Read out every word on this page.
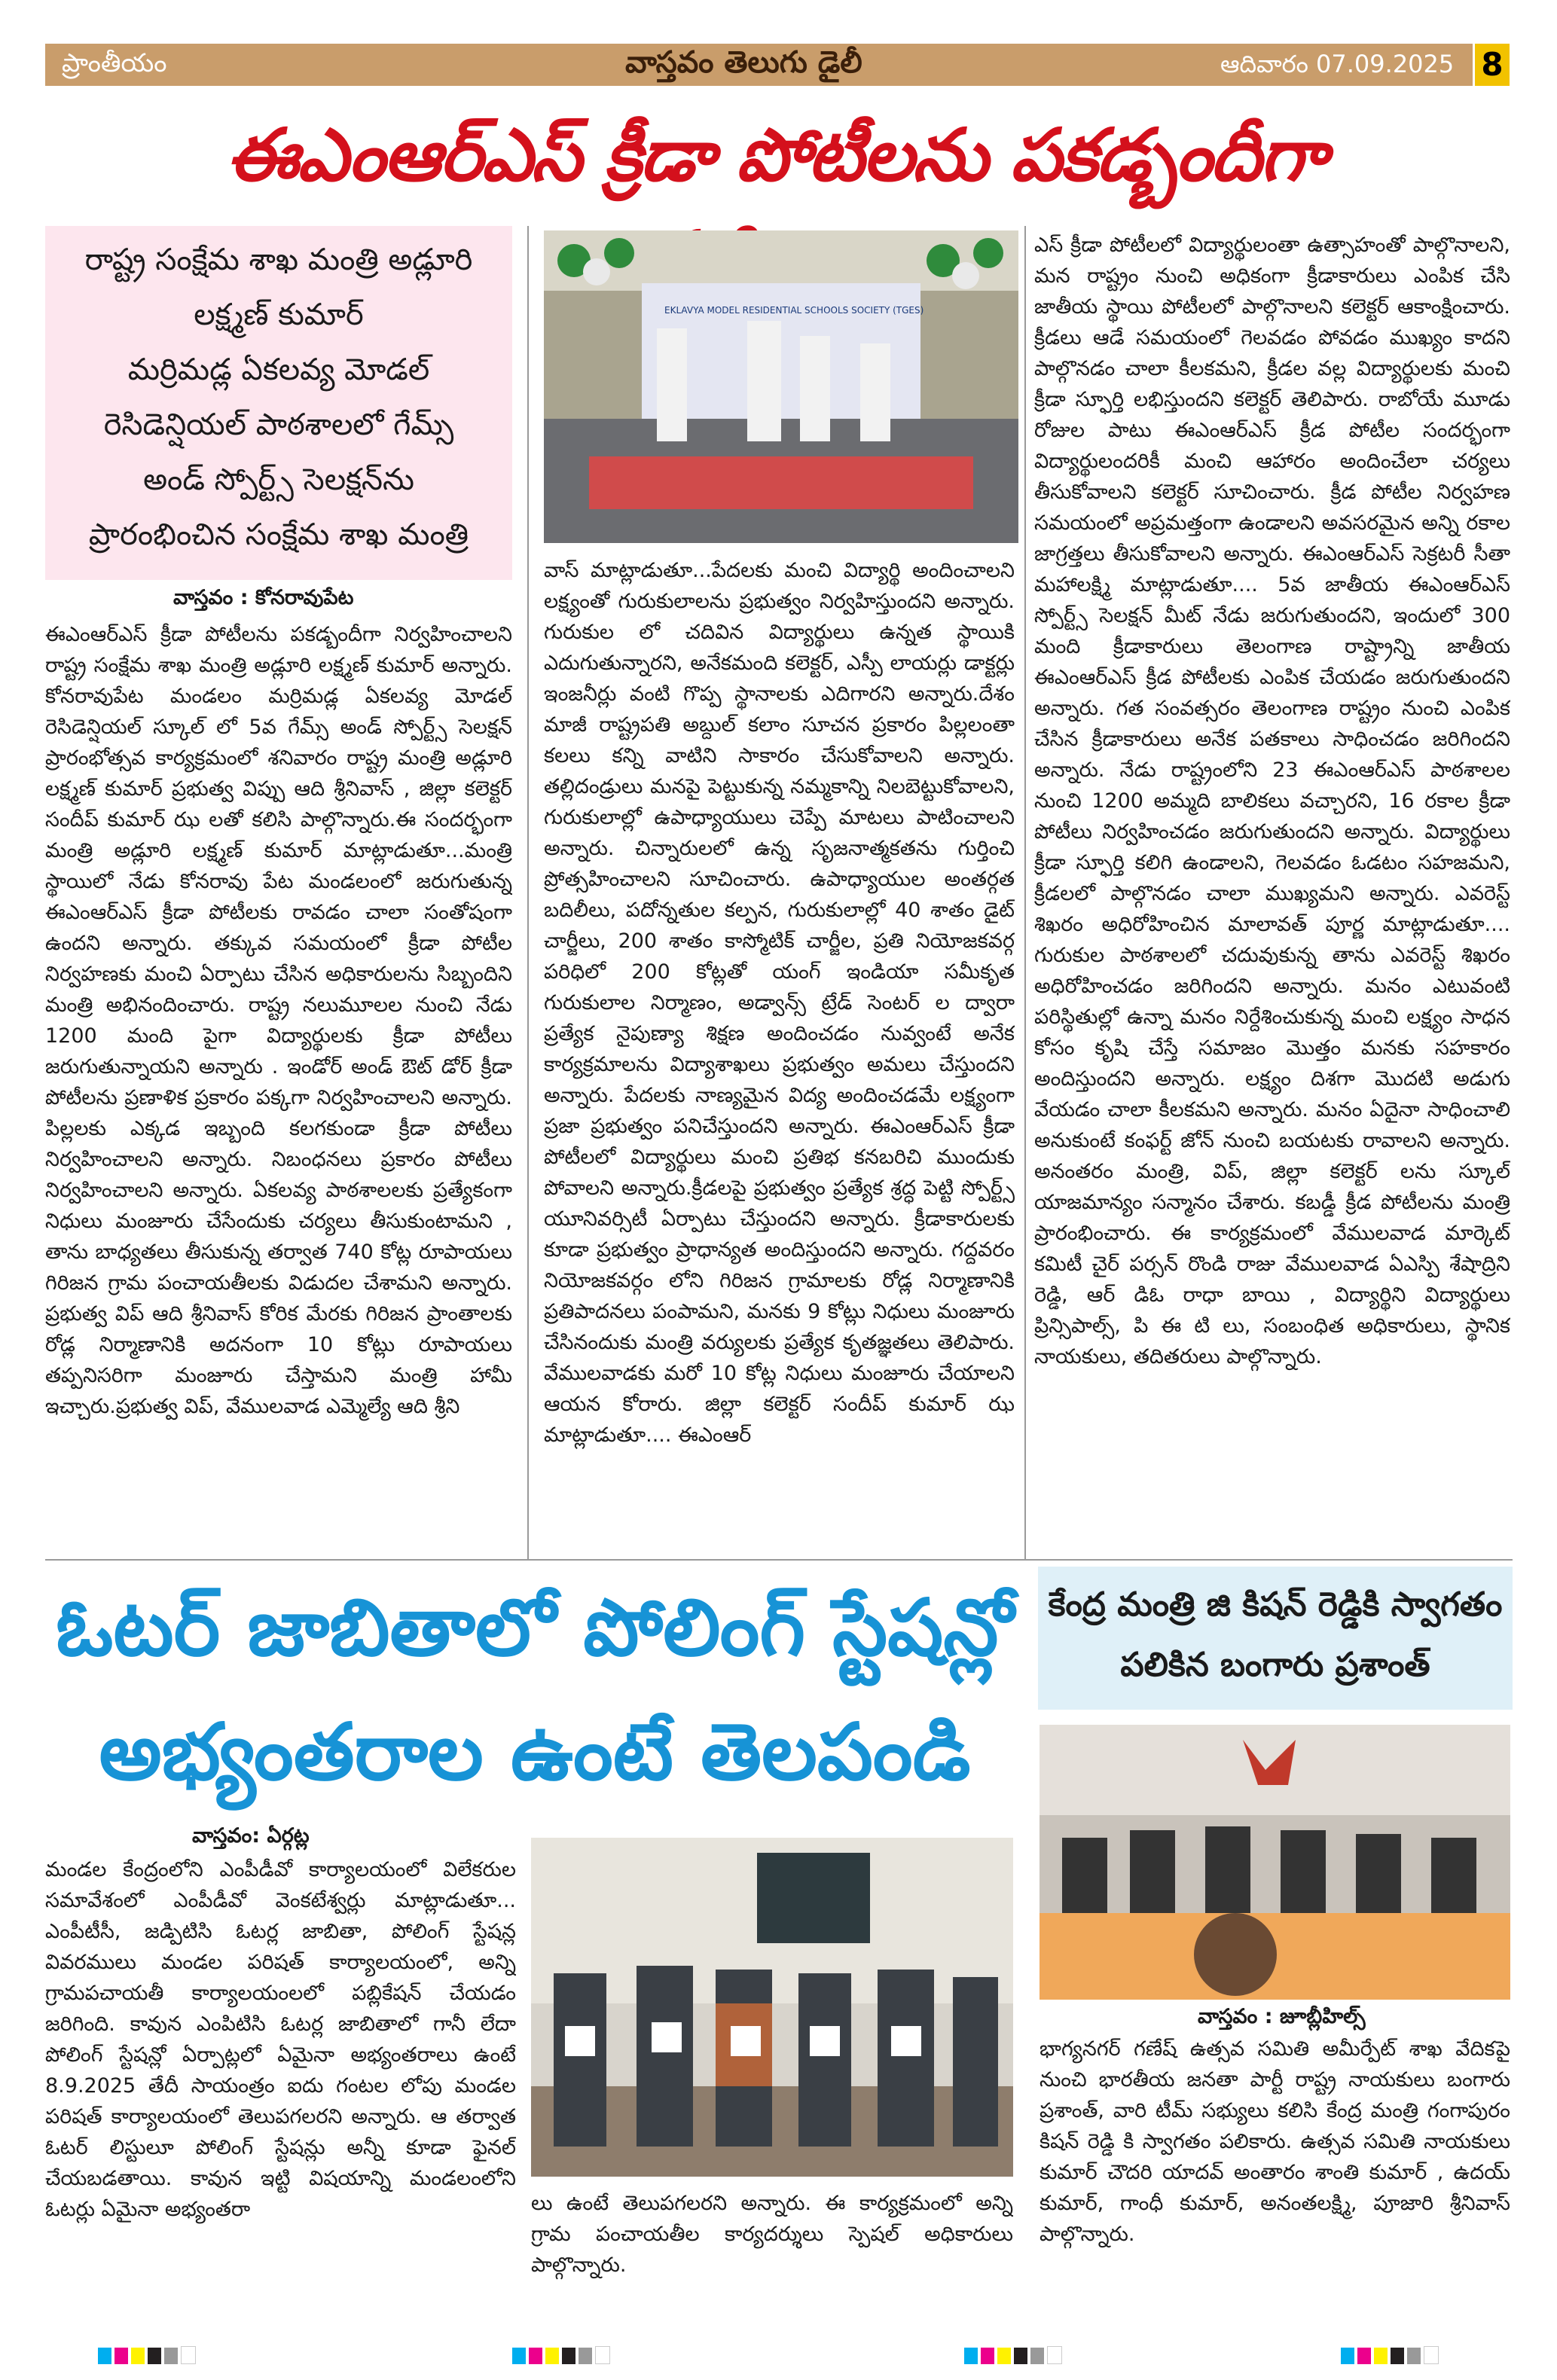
ప్రాంతీయం	వాస్తవం తెలుగు డైలీ	ఆదివారం 07.09.2025 8
ఈఎంఆర్ఎస్ క్రీడా పోటీలను పకడ్బందీగా
రాష్ట్ర సంక్షేమ శాఖ మంత్రి అడ్లూరి
లక్ష్మణ్ కుమార్
మర్రిమడ్ల ఏకలవ్య మోడల్
రెసిడెన్షియల్ పాఠశాలలో గేమ్స్
అండ్ స్పోర్ట్స్ సెలక్షన్‌ను
ప్రారంభించిన సంక్షేమ శాఖ మంత్రి
EKLAVYA MODEL RESIDENTIAL SCHOOLS SOCIETY (TGES)
వాస్తవం : కోనరావుపేట
ఈఎంఆర్ఎస్ క్రీడా పోటీలను పకడ్బందీగా నిర్వహించాలని రాష్ట్ర సంక్షేమ శాఖ మంత్రి అడ్లూరి లక్ష్మణ్ కుమార్ అన్నారు. కోనరావుపేట మండలం మర్రిమడ్ల ఏకలవ్య మోడల్ రెసిడెన్షియల్ స్కూల్ లో 5వ గేమ్స్ అండ్ స్పోర్ట్స్ సెలక్షన్ ప్రారంభోత్సవ కార్యక్రమంలో శనివారం రాష్ట్ర మంత్రి అడ్లూరి లక్ష్మణ్ కుమార్ ప్రభుత్వ విప్పు ఆది శ్రీనివాస్ , జిల్లా కలెక్టర్ సందీప్ కుమార్ ఝ లతో కలిసి పాల్గొన్నారు.ఈ సందర్భంగా మంత్రి అడ్లూరి లక్ష్మణ్ కుమార్ మాట్లాడుతూ...మంత్రి స్థాయిలో నేడు కోనరావు పేట మండలంలో జరుగుతున్న ఈఎంఆర్ఎస్ క్రీడా పోటీలకు రావడం చాలా సంతోషంగా ఉందని అన్నారు. తక్కువ సమయంలో క్రీడా పోటీల నిర్వహణకు మంచి ఏర్పాటు చేసిన అధికారులను సిబ్బందిని మంత్రి అభినందించారు. రాష్ట్ర నలుమూలల నుంచి నేడు 1200 మంది పైగా విద్యార్థులకు క్రీడా పోటీలు జరుగుతున్నాయని అన్నారు . ఇండోర్ అండ్ ఔట్ డోర్ క్రీడా పోటీలను ప్రణాళిక ప్రకారం పక్కగా నిర్వహించాలని అన్నారు. పిల్లలకు ఎక్కడ ఇబ్బంది కలగకుండా క్రీడా పోటీలు నిర్వహించాలని అన్నారు. నిబంధనలు ప్రకారం పోటీలు నిర్వహించాలని అన్నారు. ఏకలవ్య పాఠశాలలకు ప్రత్యేకంగా నిధులు మంజూరు చేసేందుకు చర్యలు తీసుకుంటామని , తాను బాధ్యతలు తీసుకున్న తర్వాత 740 కోట్ల రూపాయలు గిరిజన గ్రామ పంచాయతీలకు విడుదల చేశామని అన్నారు. ప్రభుత్వ విప్ ఆది శ్రీనివాస్ కోరిక మేరకు గిరిజన ప్రాంతాలకు రోడ్ల నిర్మాణానికి అదనంగా 10 కోట్లు రూపాయలు తప్పనిసరిగా మంజూరు చేస్తామని మంత్రి హామీ ఇచ్చారు.ప్రభుత్వ విప్, వేములవాడ ఎమ్మెల్యే ఆది శ్రీని
వాస్ మాట్లాడుతూ...పేదలకు మంచి విద్యార్థి అందించాలని లక్ష్యంతో గురుకులాలను ప్రభుత్వం నిర్వహిస్తుందని అన్నారు. గురుకుల లో చదివిన విద్యార్థులు ఉన్నత స్థాయికి ఎదుగుతున్నారని, అనేకమంది కలెక్టర్, ఎస్పీ లాయర్లు డాక్టర్లు ఇంజనీర్లు వంటి గొప్ప స్థానాలకు ఎదిగారని అన్నారు.దేశం మాజీ రాష్ట్రపతి అబ్దుల్ కలాం సూచన ప్రకారం పిల్లలంతా కలలు కన్ని వాటిని సాకారం చేసుకోవాలని అన్నారు. తల్లిదండ్రులు మనపై పెట్టుకున్న నమ్మకాన్ని నిలబెట్టుకోవాలని, గురుకులాల్లో ఉపాధ్యాయులు చెప్పే మాటలు పాటించాలని అన్నారు. చిన్నారులలో ఉన్న సృజనాత్మకతను గుర్తించి ప్రోత్సహించాలని సూచించారు. ఉపాధ్యాయుల అంతర్గత బదిలీలు, పదోన్నతుల కల్పన, గురుకులాల్లో 40 శాతం డైట్ చార్జీలు, 200 శాతం కాస్మోటిక్ చార్జీల, ప్రతి నియోజకవర్గ పరిధిలో 200 కోట్లతో యంగ్ ఇండియా సమీకృత గురుకులాల నిర్మాణం, అడ్వాన్స్ ట్రేడ్ సెంటర్ ల ద్వారా ప్రత్యేక నైపుణ్యా శిక్షణ అందించడం నువ్వంటే అనేక కార్యక్రమాలను విద్యాశాఖలు ప్రభుత్వం అమలు చేస్తుందని అన్నారు. పేదలకు నాణ్యమైన విద్య అందించడమే లక్ష్యంగా ప్రజా ప్రభుత్వం పనిచేస్తుందని అన్నారు. ఈఎంఆర్ఎస్ క్రీడా పోటీలలో విద్యార్థులు మంచి ప్రతిభ కనబరిచి ముందుకు పోవాలని అన్నారు.క్రీడలపై ప్రభుత్వం ప్రత్యేక శ్రద్ధ పెట్టి స్పోర్ట్స్ యూనివర్సిటీ ఏర్పాటు చేస్తుందని అన్నారు. క్రీడాకారులకు కూడా ప్రభుత్వం ప్రాధాన్యత అందిస్తుందని అన్నారు. గద్దవరం నియోజకవర్గం లోని గిరిజన గ్రామాలకు రోడ్ల నిర్మాణానికి ప్రతిపాదనలు పంపామని, మనకు 9 కోట్లు నిధులు మంజూరు చేసినందుకు మంత్రి వర్యులకు ప్రత్యేక కృతజ్ఞతలు తెలిపారు. వేములవాడకు మరో 10 కోట్ల నిధులు మంజూరు చేయాలని ఆయన కోరారు. జిల్లా కలెక్టర్ సందీప్ కుమార్ ఝ మాట్లాడుతూ.... ఈఎంఆర్
ఎస్ క్రీడా పోటీలలో విద్యార్థులంతా ఉత్సాహంతో పాల్గొనాలని, మన రాష్ట్రం నుంచి అధికంగా క్రీడాకారులు ఎంపిక చేసి జాతీయ స్థాయి పోటీలలో పాల్గొనాలని కలెక్టర్ ఆకాంక్షించారు. క్రీడలు ఆడే సమయంలో గెలవడం పోవడం ముఖ్యం కాదని పాల్గొనడం చాలా కీలకమని, క్రీడల వల్ల విద్యార్థులకు మంచి క్రీడా స్ఫూర్తి లభిస్తుందని కలెక్టర్ తెలిపారు. రాబోయే మూడు రోజుల పాటు ఈఎంఆర్ఎస్ క్రీడ పోటీల సందర్భంగా విద్యార్థులందరికీ మంచి ఆహారం అందించేలా చర్యలు తీసుకోవాలని కలెక్టర్ సూచించారు. క్రీడ పోటీల నిర్వహణ సమయంలో అప్రమత్తంగా ఉండాలని అవసరమైన అన్ని రకాల జాగ్రత్తలు తీసుకోవాలని అన్నారు. ఈఎంఆర్ఎస్ సెక్రటరీ సీతా మహాలక్ష్మి మాట్లాడుతూ.... 5వ జాతీయ ఈఎంఆర్ఎస్ స్పోర్ట్స్ సెలక్షన్ మీట్ నేడు జరుగుతుందని, ఇందులో 300 మంది క్రీడాకారులు తెలంగాణ రాష్ట్రాన్ని జాతీయ ఈఎంఆర్ఎస్ క్రీడ పోటీలకు ఎంపిక చేయడం జరుగుతుందని అన్నారు. గత సంవత్సరం తెలంగాణ రాష్ట్రం నుంచి ఎంపిక చేసిన క్రీడాకారులు అనేక పతకాలు సాధించడం జరిగిందని అన్నారు. నేడు రాష్ట్రంలోని 23 ఈఎంఆర్ఎస్ పాఠశాలల నుంచి 1200 అమ్మది బాలికలు వచ్చారని, 16 రకాల క్రీడా పోటీలు నిర్వహించడం జరుగుతుందని అన్నారు. విద్యార్థులు క్రీడా స్ఫూర్తి కలిగి ఉండాలని, గెలవడం ఓడటం సహజమని, క్రీడలలో పాల్గొనడం చాలా ముఖ్యమని అన్నారు. ఎవరెస్ట్ శిఖరం అధిరోహించిన మాలావత్ పూర్ణ మాట్లాడుతూ.... గురుకుల పాఠశాలలో చదువుకున్న తాను ఎవరెస్ట్ శిఖరం అధిరోహించడం జరిగిందని అన్నారు. మనం ఎటువంటి పరిస్థితుల్లో ఉన్నా మనం నిర్దేశించుకున్న మంచి లక్ష్యం సాధన కోసం కృషి చేస్తే సమాజం మొత్తం మనకు సహకారం అందిస్తుందని అన్నారు. లక్ష్యం దిశగా మొదటి అడుగు వేయడం చాలా కీలకమని అన్నారు. మనం ఏదైనా సాధించాలి అనుకుంటే కంఫర్ట్ జోన్ నుంచి బయటకు రావాలని అన్నారు. అనంతరం మంత్రి, విప్, జిల్లా కలెక్టర్ లను స్కూల్ యాజమాన్యం సన్మానం చేశారు. కబడ్డీ క్రీడ పోటీలను మంత్రి ప్రారంభించారు. ఈ కార్యక్రమంలో వేములవాడ మార్కెట్ కమిటీ చైర్ పర్సన్ రొండి రాజు వేములవాడ ఏఎస్పి శేషాద్రిని రెడ్డి, ఆర్ డిఓ రాధా బాయి , విద్యార్థిని విద్యార్థులు ప్రిన్సిపాల్స్, పి ఈ టి లు, సంబంధిత అధికారులు, స్థానిక నాయకులు, తదితరులు పాల్గొన్నారు.
ఓటర్ జాబితాలో పోలింగ్ స్టేషన్లో
అభ్యంతరాల ఉంటే తెలపండి
వాస్తవం: ఏర్గట్ల
మండల కేంద్రంలోని ఎంపీడీవో కార్యాలయంలో విలేకరుల సమావేశంలో ఎంపీడీవో వెంకటేశ్వర్లు మాట్లాడుతూ... ఎంపీటీసీ, జడ్పిటిసి ఓటర్ల జాబితా, పోలింగ్ స్టేషన్ల వివరములు మండల పరిషత్ కార్యాలయంలో, అన్ని గ్రామపచాయతీ కార్యాలయంలలో పబ్లికేషన్ చేయడం జరిగింది. కావున ఎంపిటిసి ఓటర్ల జాబితాలో గానీ లేదా పోలింగ్ స్టేషన్లో ఏర్పాట్లలో ఏమైనా అభ్యంతరాలు ఉంటే 8.9.2025 తేదీ సాయంత్రం ఐదు గంటల లోపు మండల పరిషత్ కార్యాలయంలో తెలుపగలరని అన్నారు. ఆ తర్వాత ఓటర్ లిస్టులూ పోలింగ్ స్టేషన్లు అన్నీ కూడా ఫైనల్ చేయబడతాయి. కావున ఇట్టి విషయాన్ని మండలంలోని ఓటర్లు ఏమైనా అభ్యంతరా	లు ఉంటే తెలుపగలరని అన్నారు. ఈ కార్యక్రమంలో అన్ని గ్రామ పంచాయతీల కార్యదర్శులు స్పెషల్ అధికారులు పాల్గొన్నారు.
కేంద్ర మంత్రి జి కిషన్ రెడ్డికి స్వాగతం
పలికిన బంగారు ప్రశాంత్
వాస్తవం : జూబ్లీహిల్స్
భాగ్యనగర్ గణేష్ ఉత్సవ సమితి అమీర్పేట్ శాఖ వేదికపై నుంచి భారతీయ జనతా పార్టీ రాష్ట్ర నాయకులు బంగారు ప్రశాంత్, వారి టీమ్ సభ్యులు కలిసి కేంద్ర మంత్రి గంగాపురం కిషన్ రెడ్డి కి స్వాగతం పలికారు. ఉత్సవ సమితి నాయకులు కుమార్ చౌదరి యాదవ్ అంతారం శాంతి కుమార్ , ఉదయ్ కుమార్, గాంధీ కుమార్, అనంతలక్ష్మి, పూజారి శ్రీనివాస్ పాల్గొన్నారు.
